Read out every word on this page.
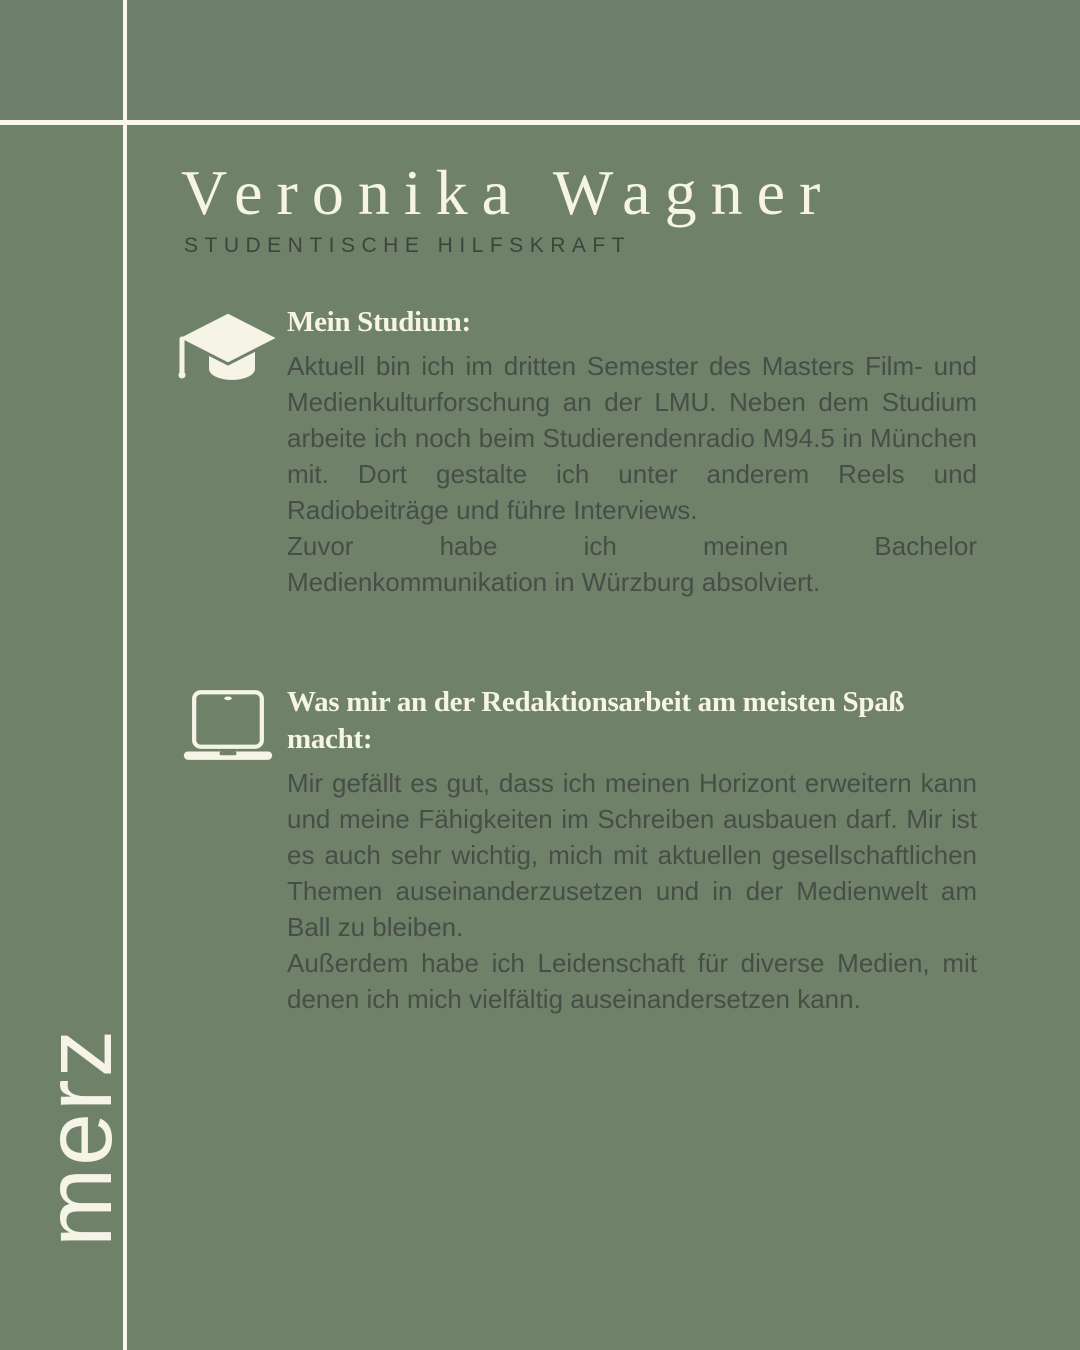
Veronika Wagner
STUDENTISCHE HILFSKRAFT
Mein Studium:

Aktuell bin ich im dritten Semester des Masters Film- und Medienkulturforschung an der LMU. Neben dem Studium arbeite ich noch beim Studierendenradio M94.5 in München mit. Dort gestalte ich unter anderem Reels und Radiobeiträge und führe Interviews.

Zuvor habe ich meinen Bachelor
Medienkommunikation in Würzburg absolviert.
Was mir an der Redaktionsarbeit am meisten Spaß macht:

Mir gefällt es gut, dass ich meinen Horizont erweitern kann und meine Fähigkeiten im Schreiben ausbauen darf. Mir ist es auch sehr wichtig, mich mit aktuellen gesellschaftlichen Themen auseinanderzusetzen und in der Medienwelt am Ball zu bleiben.

Außerdem habe ich Leidenschaft für diverse Medien, mit denen ich mich vielfältig auseinandersetzen kann.

merz
